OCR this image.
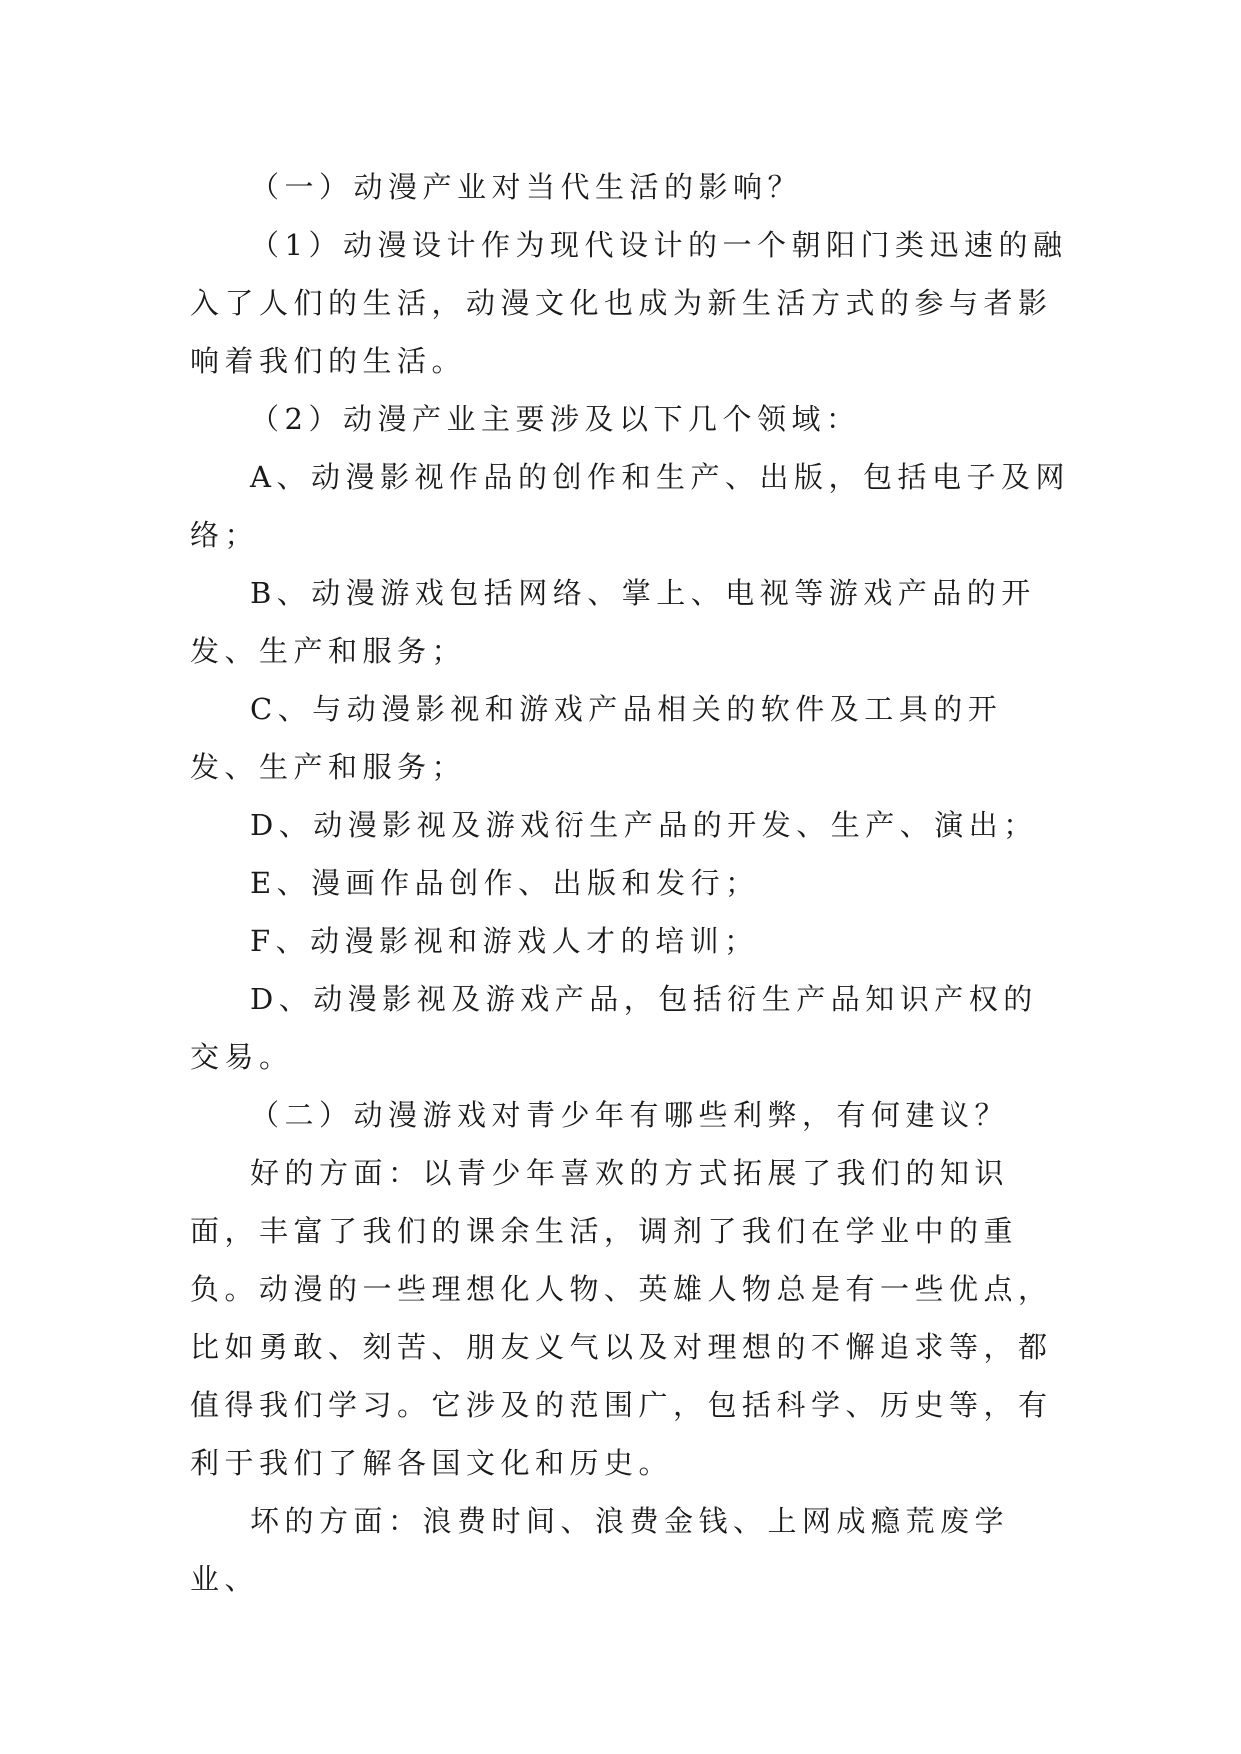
（一）动漫产业对当代生活的影响？

（1）动漫设计作为现代设计的一个朝阳门类迅速的融入了人们的生活，动漫文化也成为新生活方式的参与者影响着我们的生活。

（2）动漫产业主要涉及以下几个领域：

A、动漫影视作品的创作和生产、出版，包括电子及网络；

B、动漫游戏包括网络、掌上、电视等游戏产品的开发、生产和服务；

C、与动漫影视和游戏产品相关的软件及工具的开发、生产和服务；

D、动漫影视及游戏衍生产品的开发、生产、演出；

E、漫画作品创作、出版和发行；

F、动漫影视和游戏人才的培训；

D、动漫影视及游戏产品，包括衍生产品知识产权的交易。

（二）动漫游戏对青少年有哪些利弊，有何建议？

好的方面：以青少年喜欢的方式拓展了我们的知识面，丰富了我们的课余生活，调剂了我们在学业中的重负。动漫的一些理想化人物、英雄人物总是有一些优点，比如勇敢、刻苦、朋友义气以及对理想的不懈追求等，都值得我们学习。它涉及的范围广，包括科学、历史等，有利于我们了解各国文化和历史。

坏的方面：浪费时间、浪费金钱、上网成瘾荒废学业、
